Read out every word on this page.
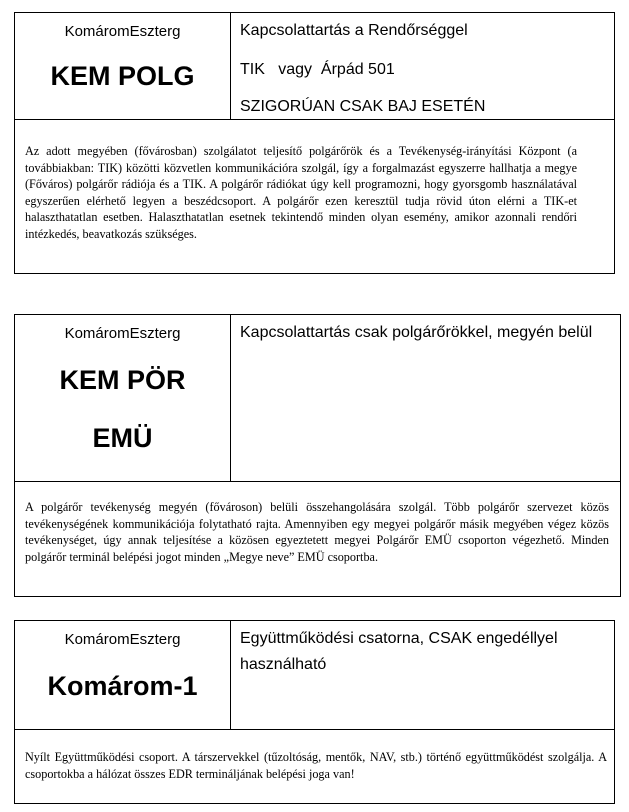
KomáromEszterg
KEM POLG
Kapcsolattartás a Rendőrséggel
TIK   vagy  Árpád 501
SZIGORÚAN CSAK BAJ ESETÉN
Az adott megyében (fővárosban) szolgálatot teljesítő polgárőrök és a Tevékenység-irányítási Központ (a továbbiakban: TIK) közötti közvetlen kommunikációra szolgál, így a forgalmazást egyszerre hallhatja a megye (Főváros) polgárőr rádiója és a TIK. A polgárőr rádiókat úgy kell programozni, hogy gyorsgomb használatával egyszerűen elérhető legyen a beszédcsoport. A polgárőr ezen keresztül tudja rövid úton elérni a TIK-et halaszthatatlan esetben. Halaszthatatlan esetnek tekintendő minden olyan esemény, amikor azonnali rendőri intézkedés, beavatkozás szükséges.
KomáromEszterg
KEM PÖR
EMÜ
Kapcsolattartás csak polgárőrökkel, megyén belül
A polgárőr tevékenység megyén (fővároson) belüli összehangolására szolgál. Több polgárőr szervezet közös tevékenységének kommunikációja folytatható rajta. Amennyiben egy megyei polgárőr másik megyében végez közös tevékenységet, úgy annak teljesítése a közösen egyeztetett megyei Polgárőr EMÜ csoporton végezhető. Minden polgárőr terminál belépési jogot minden „Megye neve” EMÜ csoportba.
KomáromEszterg
Komárom-1
Együttműködési csatorna, CSAK engedéllyel használható
Nyílt Együttműködési csoport. A társzervekkel (tűzoltóság, mentők, NAV, stb.) történő együttműködést szolgálja. A csoportokba a hálózat összes EDR termináljának belépési joga van!
